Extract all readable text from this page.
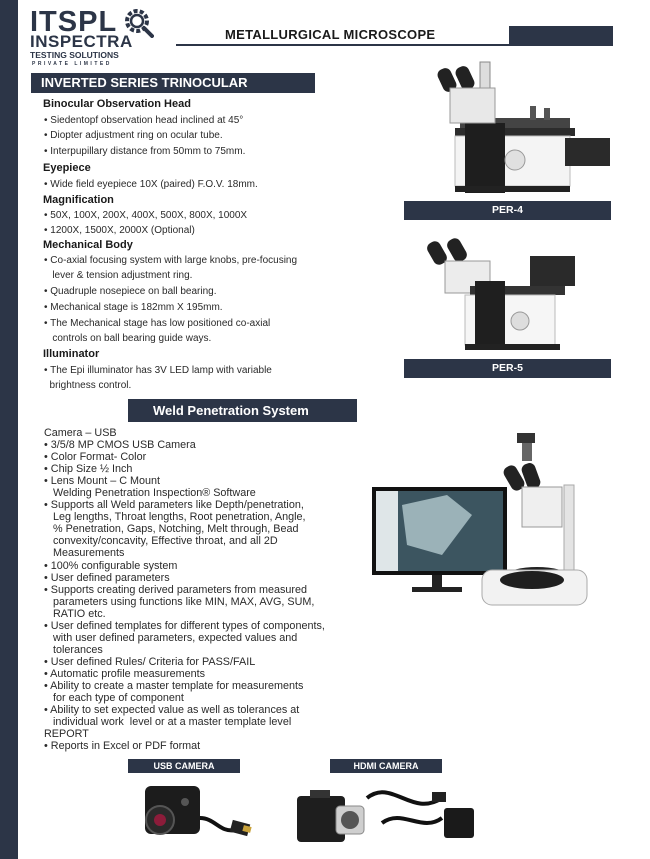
ITSPL
INSPECTRA
TESTING SOLUTIONS
PRIVATE LIMITED
METALLURGICAL MICROSCOPE
INVERTED SERIES TRINOCULAR
Binocular Observation Head
• Siedentopf observation head inclined at 45°
• Diopter adjustment ring on ocular tube.
• Interpupillary distance from 50mm to 75mm.
Eyepiece
• Wide field eyepiece 10X (paired) F.O.V. 18mm.
Magnification
• 50X, 100X, 200X, 400X, 500X, 800X, 1000X
• 1200X, 1500X, 2000X (Optional)
Mechanical Body
• Co-axial focusing system with large knobs, pre-focusing
lever & tension adjustment ring.
• Quadruple nosepiece on ball bearing.
• Mechanical stage is 182mm X 195mm.
• The Mechanical stage has low positioned co-axial
controls on ball bearing guide ways.
Illuminator
• The Epi illuminator has 3V LED lamp with variable
brightness control.
PER-4
PER-5
Weld Penetration System
Camera – USB
• 3/5/8 MP CMOS USB Camera
• Color Format- Color
• Chip Size ½ Inch
• Lens Mount – C Mount
Welding Penetration Inspection® Software
• Supports all Weld parameters like Depth/penetration,
Leg lengths, Throat lengths, Root penetration, Angle,
% Penetration, Gaps, Notching, Melt through, Bead
convexity/concavity, Effective throat, and all 2D
Measurements
• 100% configurable system
• User defined parameters
• Supports creating derived parameters from measured
parameters using functions like MIN, MAX, AVG, SUM,
RATIO etc.
• User defined templates for different types of components,
with user defined parameters, expected values and
tolerances
• User defined Rules/ Criteria for PASS/FAIL
• Automatic profile measurements
• Ability to create a master template for measurements
for each type of component
• Ability to set expected value as well as tolerances at
individual work  level or at a master template level
REPORT
• Reports in Excel or PDF format
USB CAMERA	HDMI CAMERA
